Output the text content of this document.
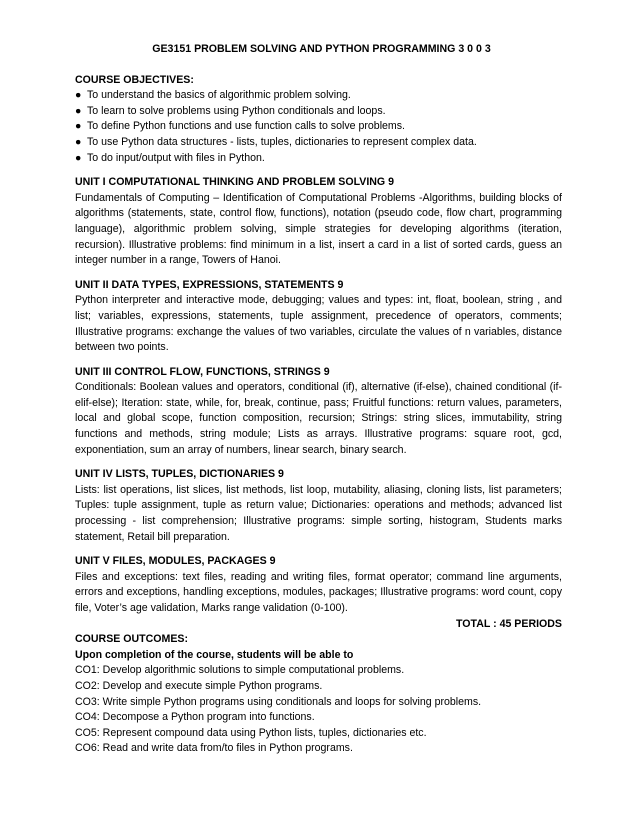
GE3151 PROBLEM SOLVING AND PYTHON PROGRAMMING 3 0 0 3

COURSE OBJECTIVES:

● To understand the basics of algorithmic problem solving.
● To learn to solve problems using Python conditionals and loops.
● To define Python functions and use function calls to solve problems.
● To use Python data structures - lists, tuples, dictionaries to represent complex data.
● To do input/output with files in Python.

UNIT I COMPUTATIONAL THINKING AND PROBLEM SOLVING 9

Fundamentals of Computing – Identification of Computational Problems -Algorithms, building blocks of algorithms (statements, state, control flow, functions), notation (pseudo code, flow chart, programming language), algorithmic problem solving, simple strategies for developing algorithms (iteration, recursion). Illustrative problems: find minimum in a list, insert a card in a list of sorted cards, guess an integer number in a range, Towers of Hanoi.

UNIT II DATA TYPES, EXPRESSIONS, STATEMENTS 9

Python interpreter and interactive mode, debugging; values and types: int, float, boolean, string , and list; variables, expressions, statements, tuple assignment, precedence of operators, comments; Illustrative programs: exchange the values of two variables, circulate the values of n variables, distance between two points.

UNIT III CONTROL FLOW, FUNCTIONS, STRINGS 9

Conditionals: Boolean values and operators, conditional (if), alternative (if-else), chained conditional (if-elif-else); Iteration: state, while, for, break, continue, pass; Fruitful functions: return values, parameters, local and global scope, function composition, recursion; Strings: string slices, immutability, string functions and methods, string module; Lists as arrays. Illustrative programs: square root, gcd, exponentiation, sum an array of numbers, linear search, binary search.

UNIT IV LISTS, TUPLES, DICTIONARIES 9

Lists: list operations, list slices, list methods, list loop, mutability, aliasing, cloning lists, list parameters; Tuples: tuple assignment, tuple as return value; Dictionaries: operations and methods; advanced list processing - list comprehension; Illustrative programs: simple sorting, histogram, Students marks statement, Retail bill preparation.

UNIT V FILES, MODULES, PACKAGES 9

Files and exceptions: text files, reading and writing files, format operator; command line arguments, errors and exceptions, handling exceptions, modules, packages; Illustrative programs: word count, copy file, Voter’s age validation, Marks range validation (0-100).

TOTAL : 45 PERIODS

COURSE OUTCOMES:

Upon completion of the course, students will be able to

CO1: Develop algorithmic solutions to simple computational problems.

CO2: Develop and execute simple Python programs.

CO3: Write simple Python programs using conditionals and loops for solving problems.

CO4: Decompose a Python program into functions.

CO5: Represent compound data using Python lists, tuples, dictionaries etc.

CO6: Read and write data from/to files in Python programs.
